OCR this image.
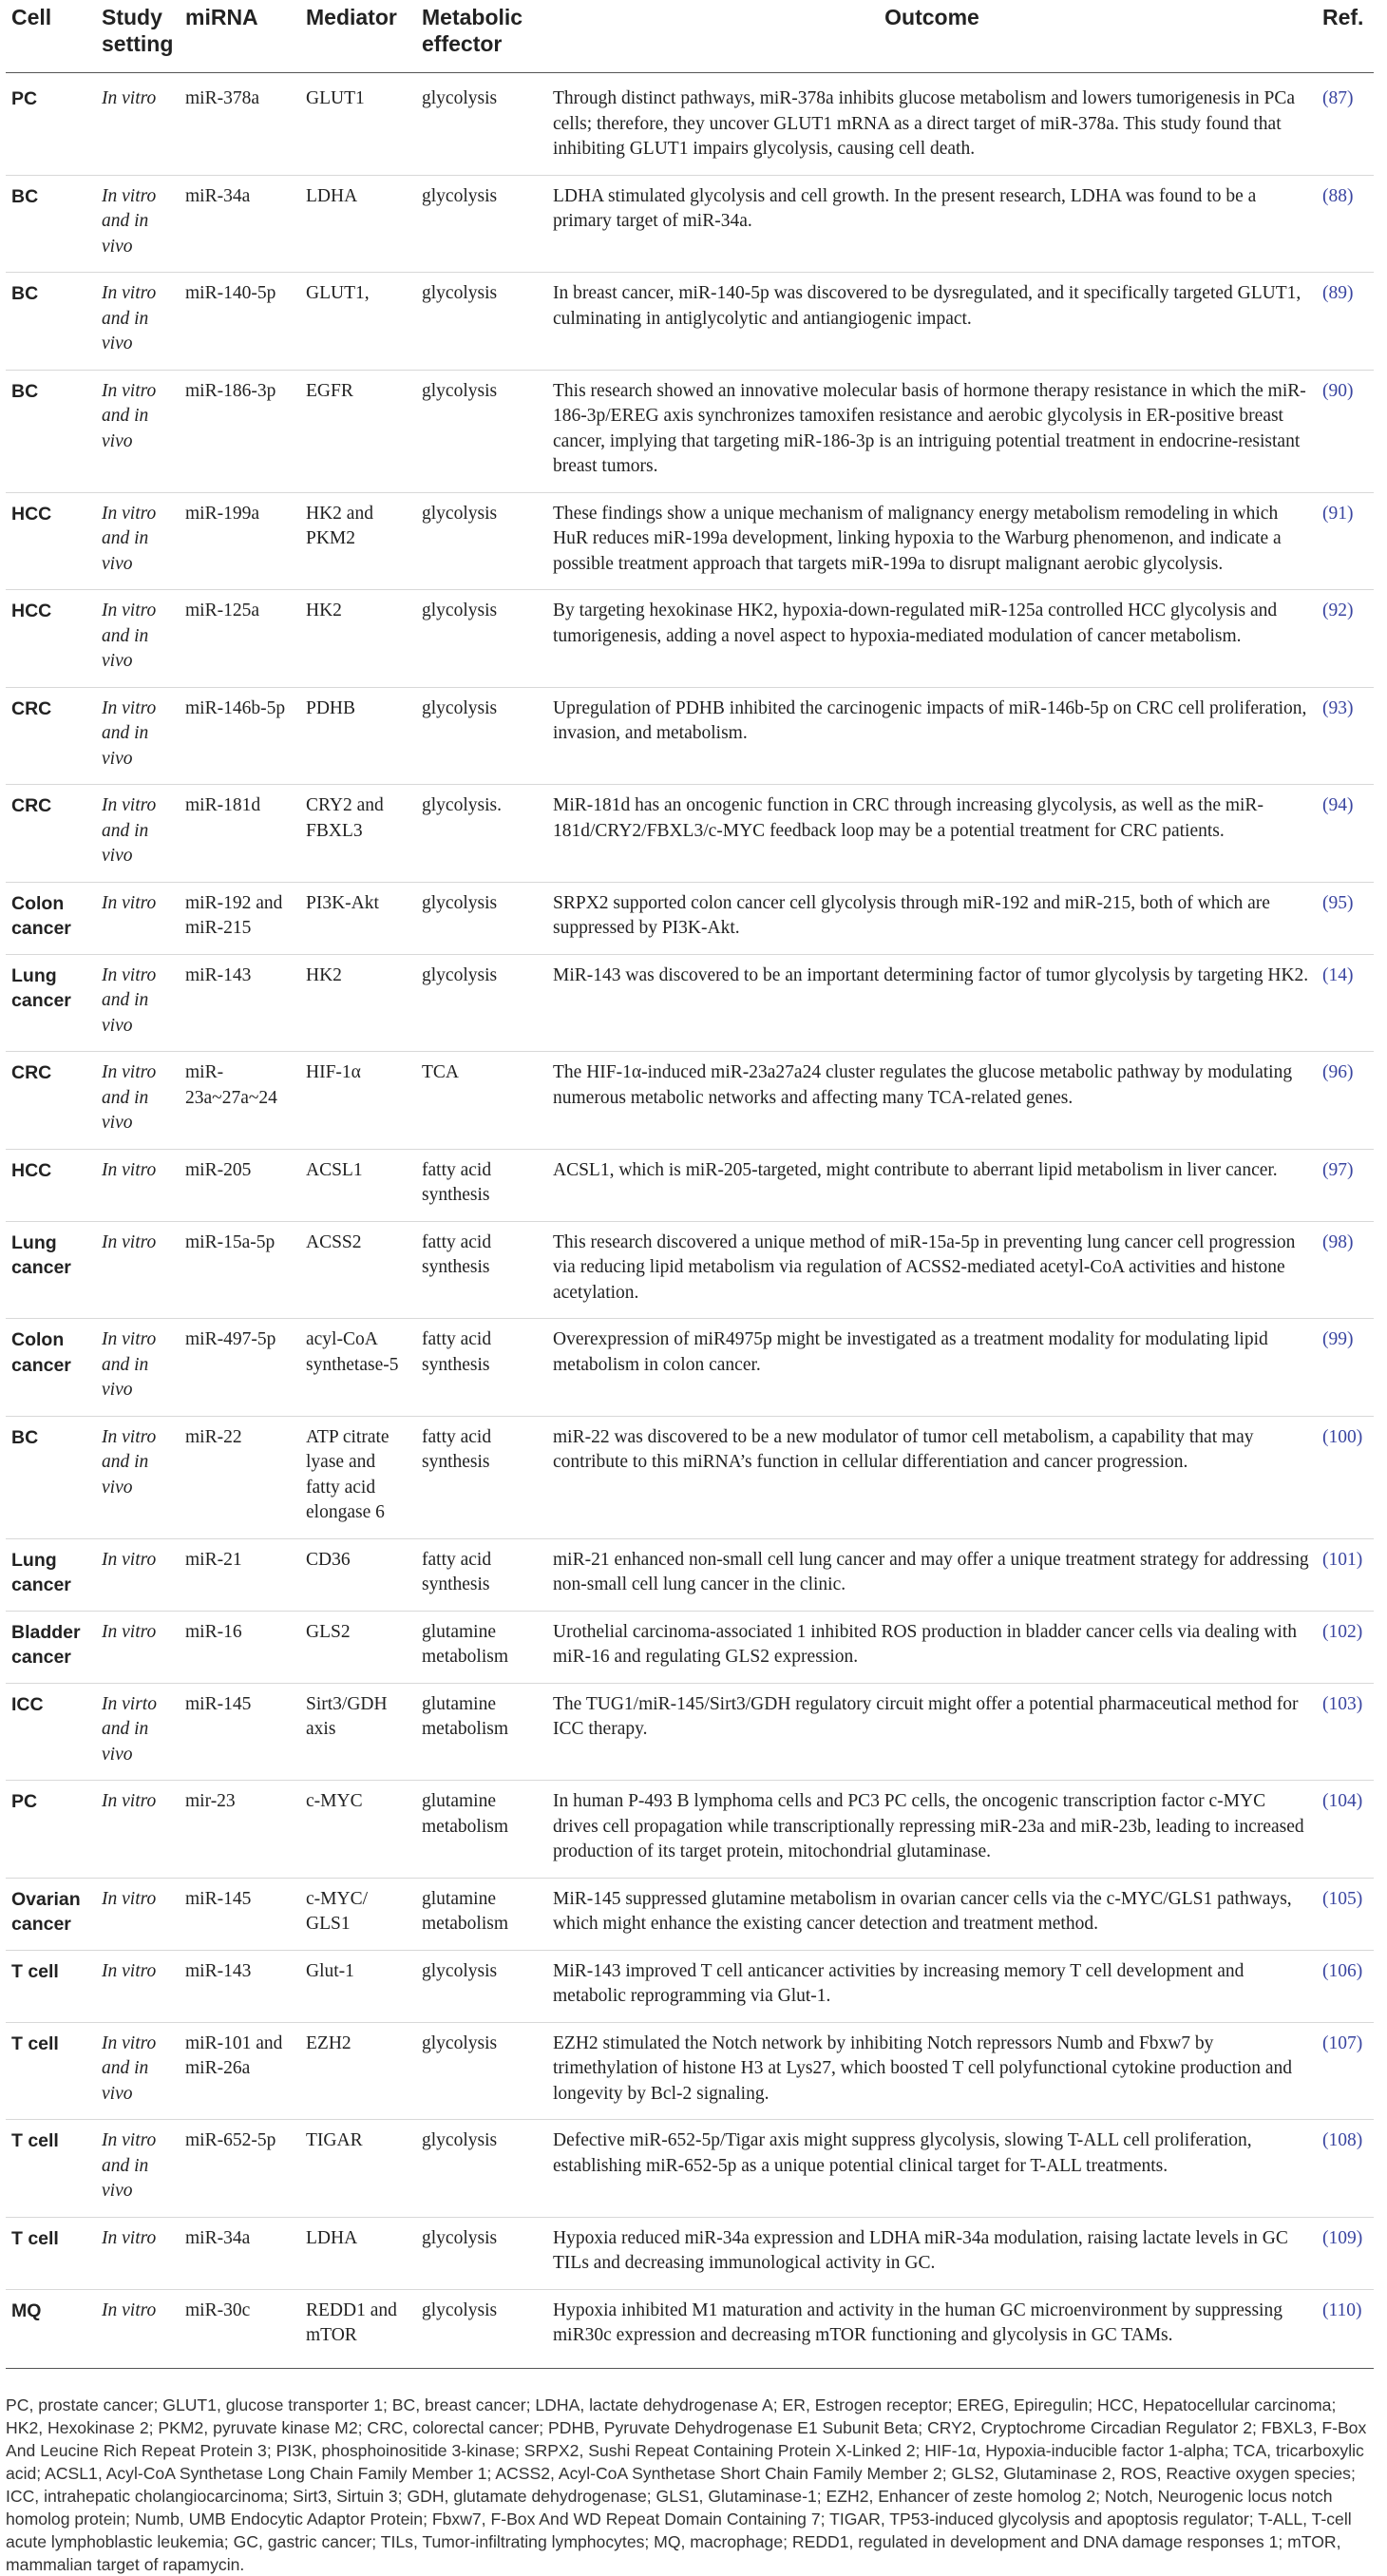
Cell	Study setting	miRNA	Mediator	Metabolic effector	Outcome	Ref.
PC	In vitro	miR-378a	GLUT1	glycolysis	Through distinct pathways, miR-378a inhibits glucose metabolism and lowers tumorigenesis in PCa cells; therefore, they uncover GLUT1 mRNA as a direct target of miR-378a. This study found that inhibiting GLUT1 impairs glycolysis, causing cell death.	(87)
BC	In vitro and in vivo	miR-34a	LDHA	glycolysis	LDHA stimulated glycolysis and cell growth. In the present research, LDHA was found to be a primary target of miR-34a.	(88)
BC	In vitro and in vivo	miR-140-5p	GLUT1,	glycolysis	In breast cancer, miR-140-5p was discovered to be dysregulated, and it specifically targeted GLUT1, culminating in antiglycolytic and antiangiogenic impact.	(89)
BC	In vitro and in vivo	miR-186-3p	EGFR	glycolysis	This research showed an innovative molecular basis of hormone therapy resistance in which the miR-186-3p/EREG axis synchronizes tamoxifen resistance and aerobic glycolysis in ER-positive breast cancer, implying that targeting miR-186-3p is an intriguing potential treatment in endocrine-resistant breast tumors.	(90)
HCC	In vitro and in vivo	miR-199a	HK2 and PKM2	glycolysis	These findings show a unique mechanism of malignancy energy metabolism remodeling in which HuR reduces miR-199a development, linking hypoxia to the Warburg phenomenon, and indicate a possible treatment approach that targets miR-199a to disrupt malignant aerobic glycolysis.	(91)
HCC	In vitro and in vivo	miR-125a	HK2	glycolysis	By targeting hexokinase HK2, hypoxia-down-regulated miR-125a controlled HCC glycolysis and tumorigenesis, adding a novel aspect to hypoxia-mediated modulation of cancer metabolism.	(92)
CRC	In vitro and in vivo	miR-146b-5p	PDHB	glycolysis	Upregulation of PDHB inhibited the carcinogenic impacts of miR-146b-5p on CRC cell proliferation, invasion, and metabolism.	(93)
CRC	In vitro and in vivo	miR-181d	CRY2 and FBXL3	glycolysis.	MiR-181d has an oncogenic function in CRC through increasing glycolysis, as well as the miR-181d/CRY2/FBXL3/c-MYC feedback loop may be a potential treatment for CRC patients.	(94)
Colon cancer	In vitro	miR-192 and miR-215	PI3K-Akt	glycolysis	SRPX2 supported colon cancer cell glycolysis through miR-192 and miR-215, both of which are suppressed by PI3K-Akt.	(95)
Lung cancer	In vitro and in vivo	miR-143	HK2	glycolysis	MiR-143 was discovered to be an important determining factor of tumor glycolysis by targeting HK2.	(14)
CRC	In vitro and in vivo	miR-23a~27a~24	HIF-1α	TCA	The HIF-1α-induced miR-23a27a24 cluster regulates the glucose metabolic pathway by modulating numerous metabolic networks and affecting many TCA-related genes.	(96)
HCC	In vitro	miR-205	ACSL1	fatty acid synthesis	ACSL1, which is miR-205-targeted, might contribute to aberrant lipid metabolism in liver cancer.	(97)
Lung cancer	In vitro	miR-15a-5p	ACSS2	fatty acid synthesis	This research discovered a unique method of miR-15a-5p in preventing lung cancer cell progression via reducing lipid metabolism via regulation of ACSS2-mediated acetyl-CoA activities and histone acetylation.	(98)
Colon cancer	In vitro and in vivo	miR-497-5p	acyl-CoA synthetase-5	fatty acid synthesis	Overexpression of miR4975p might be investigated as a treatment modality for modulating lipid metabolism in colon cancer.	(99)
BC	In vitro and in vivo	miR-22	ATP citrate lyase and fatty acid elongase 6	fatty acid synthesis	miR-22 was discovered to be a new modulator of tumor cell metabolism, a capability that may contribute to this miRNA’s function in cellular differentiation and cancer progression.	(100)
Lung cancer	In vitro	miR-21	CD36	fatty acid synthesis	miR-21 enhanced non-small cell lung cancer and may offer a unique treatment strategy for addressing non-small cell lung cancer in the clinic.	(101)
Bladder cancer	In vitro	miR-16	GLS2	glutamine metabolism	Urothelial carcinoma-associated 1 inhibited ROS production in bladder cancer cells via dealing with miR-16 and regulating GLS2 expression.	(102)
ICC	In virto and in vivo	miR-145	Sirt3/GDH axis	glutamine metabolism	The TUG1/miR-145/Sirt3/GDH regulatory circuit might offer a potential pharmaceutical method for ICC therapy.	(103)
PC	In vitro	mir-23	c-MYC	glutamine metabolism	In human P-493 B lymphoma cells and PC3 PC cells, the oncogenic transcription factor c-MYC drives cell propagation while transcriptionally repressing miR-23a and miR-23b, leading to increased production of its target protein, mitochondrial glutaminase.	(104)
Ovarian cancer	In vitro	miR-145	c-MYC/ GLS1	glutamine metabolism	MiR-145 suppressed glutamine metabolism in ovarian cancer cells via the c-MYC/GLS1 pathways, which might enhance the existing cancer detection and treatment method.	(105)
T cell	In vitro	miR-143	Glut-1	glycolysis	MiR-143 improved T cell anticancer activities by increasing memory T cell development and metabolic reprogramming via Glut-1.	(106)
T cell	In vitro and in vivo	miR-101 and miR-26a	EZH2	glycolysis	EZH2 stimulated the Notch network by inhibiting Notch repressors Numb and Fbxw7 by trimethylation of histone H3 at Lys27, which boosted T cell polyfunctional cytokine production and longevity by Bcl-2 signaling.	(107)
T cell	In vitro and in vivo	miR-652-5p	TIGAR	glycolysis	Defective miR-652-5p/Tigar axis might suppress glycolysis, slowing T-ALL cell proliferation, establishing miR-652-5p as a unique potential clinical target for T-ALL treatments.	(108)
T cell	In vitro	miR-34a	LDHA	glycolysis	Hypoxia reduced miR-34a expression and LDHA miR-34a modulation, raising lactate levels in GC TILs and decreasing immunological activity in GC.	(109)
MQ	In vitro	miR-30c	REDD1 and mTOR	glycolysis	Hypoxia inhibited M1 maturation and activity in the human GC microenvironment by suppressing miR30c expression and decreasing mTOR functioning and glycolysis in GC TAMs.	(110)
PC, prostate cancer; GLUT1, glucose transporter 1; BC, breast cancer; LDHA, lactate dehydrogenase A; ER, Estrogen receptor; EREG, Epiregulin; HCC, Hepatocellular carcinoma; HK2, Hexokinase 2; PKM2, pyruvate kinase M2; CRC, colorectal cancer; PDHB, Pyruvate Dehydrogenase E1 Subunit Beta; CRY2, Cryptochrome Circadian Regulator 2; FBXL3, F-Box And Leucine Rich Repeat Protein 3; PI3K, phosphoinositide 3-kinase; SRPX2, Sushi Repeat Containing Protein X-Linked 2; HIF-1α, Hypoxia-inducible factor 1-alpha; TCA, tricarboxylic acid; ACSL1, Acyl-CoA Synthetase Long Chain Family Member 1; ACSS2, Acyl-CoA Synthetase Short Chain Family Member 2; GLS2, Glutaminase 2, ROS, Reactive oxygen species; ICC, intrahepatic cholangiocarcinoma; Sirt3, Sirtuin 3; GDH, glutamate dehydrogenase; GLS1, Glutaminase-1; EZH2, Enhancer of zeste homolog 2; Notch, Neurogenic locus notch homolog protein; Numb, UMB Endocytic Adaptor Protein; Fbxw7, F-Box And WD Repeat Domain Containing 7; TIGAR, TP53-induced glycolysis and apoptosis regulator; T-ALL, T-cell acute lymphoblastic leukemia; GC, gastric cancer; TILs, Tumor-infiltrating lymphocytes; MQ, macrophage; REDD1, regulated in development and DNA damage responses 1; mTOR, mammalian target of rapamycin.
